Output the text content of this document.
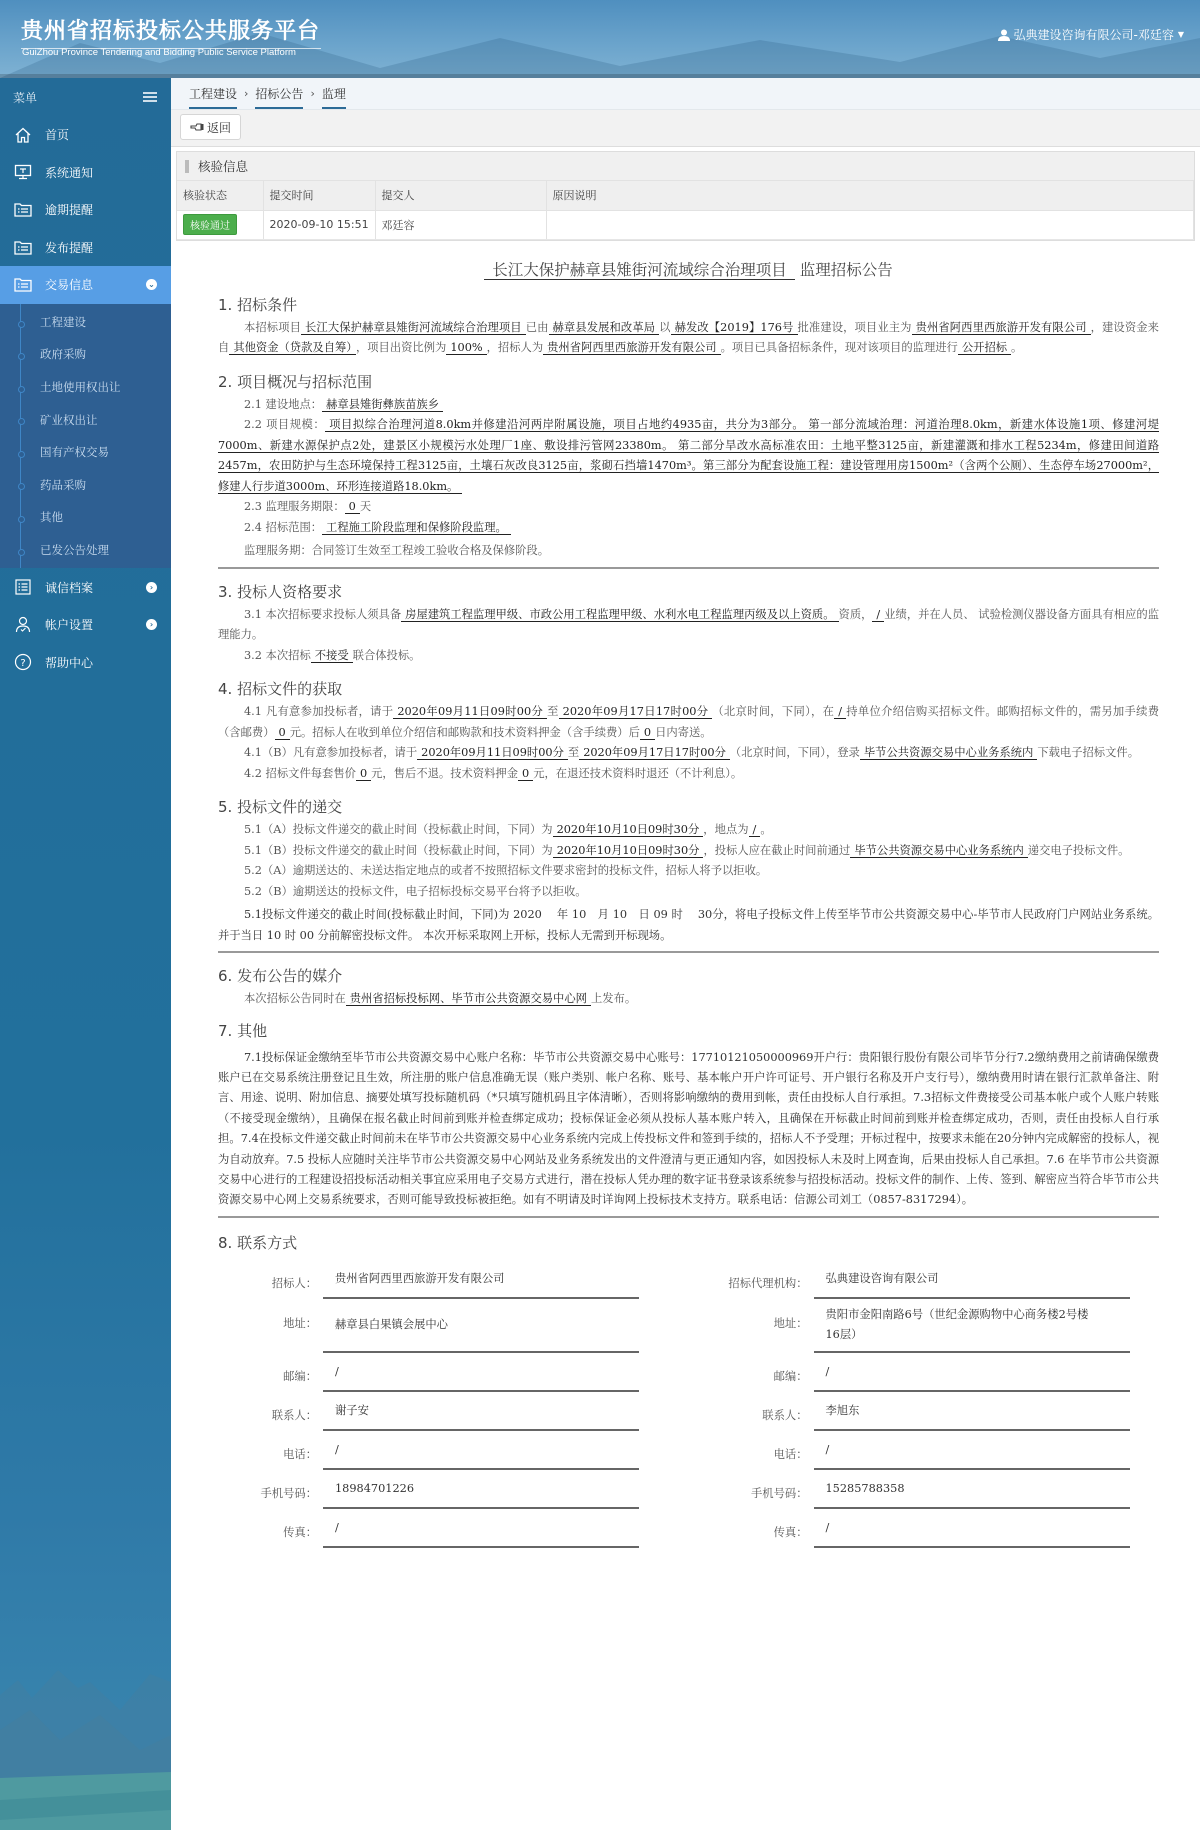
贵州省招标投标公共服务平台
GuiZhou Province Tendering and Bidding Public Service Platform
弘典建设咨询有限公司-邓廷容 ▼
菜单
首页
系统通知
逾期提醒
发布提醒
交易信息	⌄
工程建设
政府采购
土地使用权出让
矿业权出让
国有产权交易
药品采购
其他
已发公告处理
诚信档案	›
帐户设置	›
? 帮助中心
工程建设 › 招标公告 › 监理
返回
核验信息
核验状态	提交时间	提交人	原因说明
核验通过	2020-09-10 15:51	邓廷容	
长江大保护赫章县雉街河流域综合治理项目 监理招标公告
1. 招标条件
本招标项目 长江大保护赫章县雉街河流域综合治理项目 已由 赫章县发展和改革局 以 赫发改【2019】176号 批准建设，项目业主为 贵州省阿西里西旅游开发有限公司 ，建设资金来自 其他资金（贷款及自筹） ，项目出资比例为 100% ，招标人为 贵州省阿西里西旅游开发有限公司 。项目已具备招标条件，现对该项目的监理进行 公开招标 。
2. 项目概况与招标范围
2.1 建设地点： 赫章县雉街彝族苗族乡
2.2 项目规模： 项目拟综合治理河道8.0km并修建沿河两岸附属设施，项目占地约4935亩，共分为3部分。 第一部分流域治理：河道治理8.0km，新建水体设施1项、修建河堤7000m、新建水源保护点2处，建景区小规模污水处理厂1座、敷设排污管网23380m。 第二部分旱改水高标准农田：土地平整3125亩，新建灌溉和排水工程5234m，修建田间道路2457m，农田防护与生态环境保持工程3125亩，土壤石灰改良3125亩，浆砌石挡墙1470m³。第三部分为配套设施工程：建设管理用房1500m²（含两个公厕）、生态停车场27000m²，修建人行步道3000m、环形连接道路18.0km。
2.3 监理服务期限： 0 天
2.4 招标范围： 工程施工阶段监理和保修阶段监理。
监理服务期：合同签订生效至工程竣工验收合格及保修阶段。
3. 投标人资格要求
3.1 本次招标要求投标人须具备 房屋建筑工程监理甲级、市政公用工程监理甲级、水利水电工程监理丙级及以上资质。 资质， / 业绩，并在人员、 试验检测仪器设备方面具有相应的监理能力。
3.2 本次招标 不接受 联合体投标。
4. 招标文件的获取
4.1 凡有意参加投标者，请于 2020年09月11日09时00分 至 2020年09月17日17时00分 （北京时间，下同），在 / 持单位介绍信购买招标文件。邮购招标文件的，需另加手续费（含邮费） 0 元。招标人在收到单位介绍信和邮购款和技术资料押金（含手续费）后 0 日内寄送。
4.1（B）凡有意参加投标者，请于 2020年09月11日09时00分 至 2020年09月17日17时00分 （北京时间，下同），登录 毕节公共资源交易中心业务系统内 下载电子招标文件。
4.2 招标文件每套售价 0 元，售后不退。技术资料押金 0 元，在退还技术资料时退还（不计利息）。
5. 投标文件的递交
5.1（A）投标文件递交的截止时间（投标截止时间，下同）为 2020年10月10日09时30分 ，地点为 / 。
5.1（B）投标文件递交的截止时间（投标截止时间，下同）为 2020年10月10日09时30分 ，投标人应在截止时间前通过 毕节公共资源交易中心业务系统内 递交电子投标文件。
5.2（A）逾期送达的、未送达指定地点的或者不按照招标文件要求密封的投标文件，招标人将予以拒收。
5.2（B）逾期送达的投标文件，电子招标投标交易平台将予以拒收。
5.1投标文件递交的截止时间(投标截止时间，下同)为 2020　 年 10　月 10　日 09 时　 30分，将电子投标文件上传至毕节市公共资源交易中心-毕节市人民政府门户网站业务系统。并于当日 10 时 00 分前解密投标文件。 本次开标采取网上开标，投标人无需到开标现场。
6. 发布公告的媒介
本次招标公告同时在 贵州省招标投标网、毕节市公共资源交易中心网 上发布。
7. 其他
7.1投标保证金缴纳至毕节市公共资源交易中心账户名称：毕节市公共资源交易中心账号：17710121050000969开户行：贵阳银行股份有限公司毕节分行7.2缴纳费用之前请确保缴费账户已在交易系统注册登记且生效，所注册的账户信息准确无误（账户类别、帐户名称、账号、基本帐户开户许可证号、开户银行名称及开户支行号），缴纳费用时请在银行汇款单备注、附言、用途、说明、附加信息、摘要处填写投标随机码（*只填写随机码且字体清晰），否则将影响缴纳的费用到帐，责任由投标人自行承担。7.3招标文件费接受公司基本帐户或个人账户转账（不接受现金缴纳），且确保在报名截止时间前到账并检查绑定成功；投标保证金必须从投标人基本账户转入，且确保在开标截止时间前到账并检查绑定成功，否则，责任由投标人自行承担。7.4在投标文件递交截止时间前未在毕节市公共资源交易中心业务系统内完成上传投标文件和签到手续的，招标人不予受理；开标过程中，按要求未能在20分钟内完成解密的投标人，视为自动放弃。7.5 投标人应随时关注毕节市公共资源交易中心网站及业务系统发出的文件澄清与更正通知内容，如因投标人未及时上网查询，后果由投标人自己承担。7.6 在毕节市公共资源交易中心进行的工程建设招投标活动相关事宜应采用电子交易方式进行，潜在投标人凭办理的数字证书登录该系统参与招投标活动。投标文件的制作、上传、签到、解密应当符合毕节市公共资源交易中心网上交易系统要求，否则可能导致投标被拒绝。如有不明请及时详询网上投标技术支持方。联系电话：信源公司刘工（0857-8317294）。
8. 联系方式
招标人：	贵州省阿西里西旅游开发有限公司
地址：	赫章县白果镇会展中心
邮编：	/
联系人：	谢子安
电话：	/
手机号码：	18984701226
传真：	/
招标代理机构：	弘典建设咨询有限公司
地址：
贵阳市金阳南路6号（世纪金源购物中心商务楼2号楼16层）
邮编：	/
联系人：	李旭东
电话：	/
手机号码：	15285788358
传真：	/
